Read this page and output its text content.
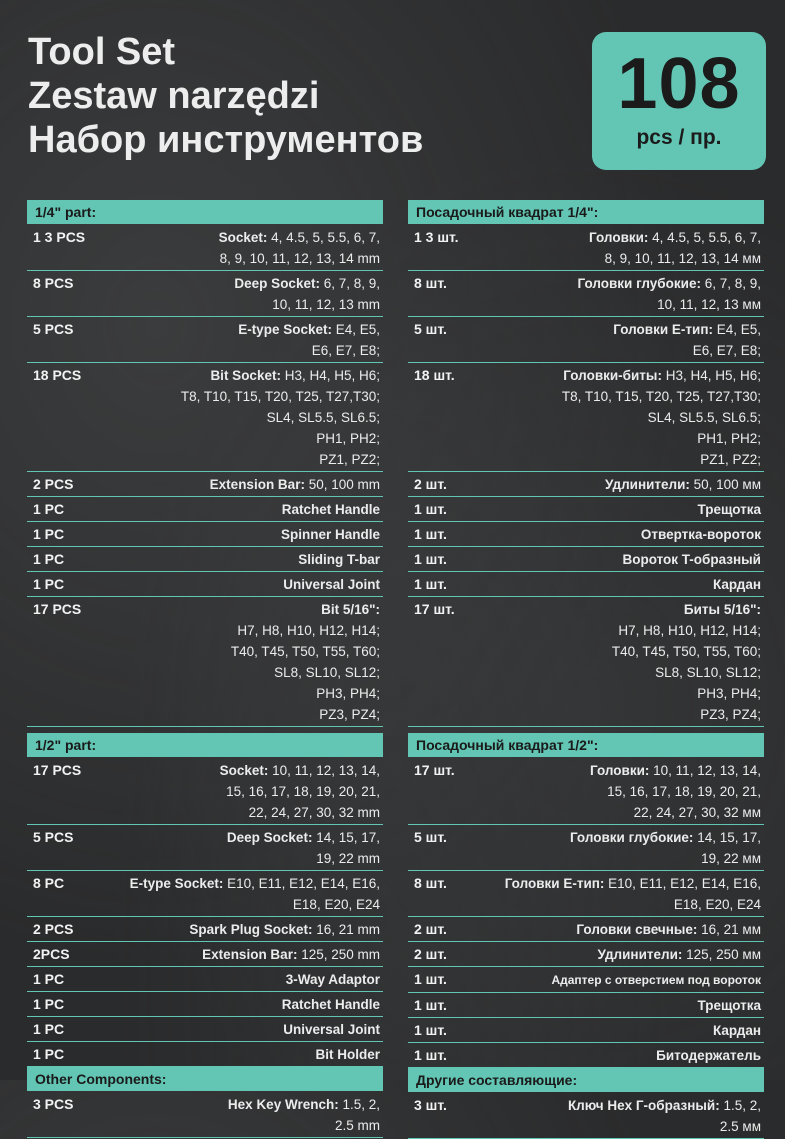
Tool Set
Zestaw narzędzi
Набор инструментов
108
pcs / пр.
1/4" part:
1 3 PCS	Socket: 4, 4.5, 5, 5.5, 6, 7,
8, 9, 10, 11, 12, 13, 14 mm
8 PCS	Deep Socket: 6, 7, 8, 9,
10, 11, 12, 13 mm
5 PCS	E-type Socket: E4, E5,
E6, E7, E8;
18 PCS	Bit Socket: H3, H4, H5, H6;
T8, T10, T15, T20, T25, T27,T30;
SL4, SL5.5, SL6.5;
PH1, PH2;
PZ1, PZ2;
2 PCS	Extension Bar: 50, 100 mm
1 PC	Ratchet Handle
1 PC	Spinner Handle
1 PC	Sliding T-bar
1 PC	Universal Joint
17 PCS	Bit 5/16":
H7, H8, H10, H12, H14;
T40, T45, T50, T55, T60;
SL8, SL10, SL12;
PH3, PH4;
PZ3, PZ4;
1/2" part:
17 PCS	Socket: 10, 11, 12, 13, 14,
15, 16, 17, 18, 19, 20, 21,
22, 24, 27, 30, 32 mm
5 PCS	Deep Socket: 14, 15, 17,
19, 22 mm
8 PC	E-type Socket: E10, E11, E12, E14, E16,
E18, E20, E24
2 PCS	Spark Plug Socket: 16, 21 mm
2PCS	Extension Bar: 125, 250 mm
1 PC	3-Way Adaptor
1 PC	Ratchet Handle
1 PC	Universal Joint
1 PC	Bit Holder
Other Components:
3 PCS	Hex Key Wrench: 1.5, 2,
2.5 mm
Посадочный квадрат 1/4":
1 3 шт.	Головки: 4, 4.5, 5, 5.5, 6, 7,
8, 9, 10, 11, 12, 13, 14 мм
8 шт.	Головки глубокие: 6, 7, 8, 9,
10, 11, 12, 13 мм
5 шт.	Головки E-тип: E4, E5,
E6, E7, E8;
18 шт.	Головки-биты: H3, H4, H5, H6;
T8, T10, T15, T20, T25, T27,T30;
SL4, SL5.5, SL6.5;
PH1, PH2;
PZ1, PZ2;
2 шт.	Удлинители: 50, 100 мм
1 шт.	Трещотка
1 шт.	Отвертка-вороток
1 шт.	Вороток T-образный
1 шт.	Кардан
17 шт.	Биты 5/16":
H7, H8, H10, H12, H14;
T40, T45, T50, T55, T60;
SL8, SL10, SL12;
PH3, PH4;
PZ3, PZ4;
Посадочный квадрат 1/2":
17 шт.	Головки: 10, 11, 12, 13, 14,
15, 16, 17, 18, 19, 20, 21,
22, 24, 27, 30, 32 мм
5 шт.	Головки глубокие: 14, 15, 17,
19, 22 мм
8 шт.	Головки E-тип: E10, E11, E12, E14, E16,
E18, E20, E24
2 шт.	Головки свечные: 16, 21 мм
2 шт.	Удлинители: 125, 250 мм
1 шт.	Адаптер с отверстием под вороток
1 шт.	Трещотка
1 шт.	Кардан
1 шт.	Битодержатель
Другие составляющие:
3 шт.	Ключ Hex Г-образный: 1.5, 2,
2.5 мм
